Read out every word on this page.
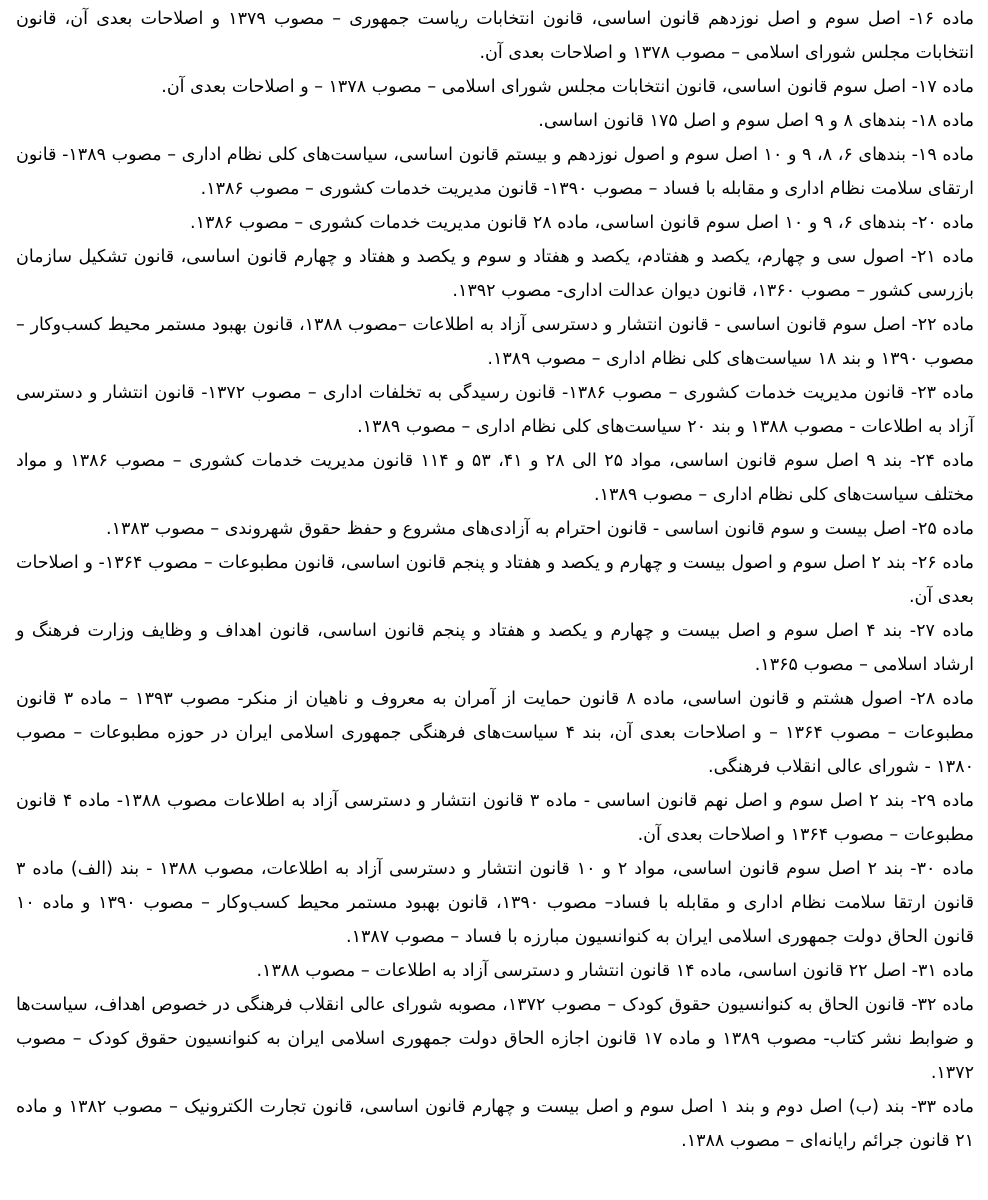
ماده ۱۶- اصل سوم و اصل نوزدهم قانون اساسی، قانون انتخابات ریاست جمهوری – مصوب ۱۳۷۹ و اصلاحات بعدی آن، قانون انتخابات مجلس شورای اسلامی – مصوب ۱۳۷۸ و اصلاحات بعدی آن.

ماده ۱۷- اصل سوم قانون اساسی، قانون انتخابات مجلس شورای اسلامی – مصوب ۱۳۷۸ – و اصلاحات بعدی آن.

ماده ۱۸- بندهای ۸ و ۹ اصل سوم و اصل ۱۷۵ قانون اساسی.

ماده ۱۹- بندهای ۶، ۸، ۹ و ۱۰ اصل سوم و اصول نوزدهم و بیستم قانون اساسی، سیاست‌های کلی نظام اداری – مصوب ۱۳۸۹- قانون ارتقای سلامت نظام اداری و مقابله با فساد – مصوب ۱۳۹۰- قانون مدیریت خدمات کشوری – مصوب ۱۳۸۶.

ماده ۲۰- بندهای ۶، ۹ و ۱۰ اصل سوم قانون اساسی، ماده ۲۸ قانون مدیریت خدمات کشوری – مصوب ۱۳۸۶.

ماده ۲۱- اصول سی و چهارم، یکصد و هفتادم، یکصد و هفتاد و سوم و یکصد و هفتاد و چهارم قانون اساسی، قانون تشکیل سازمان بازرسی کشور – مصوب ۱۳۶۰، قانون دیوان عدالت اداری- مصوب ۱۳۹۲.

ماده ۲۲- اصل سوم قانون اساسی - قانون انتشار و دسترسی آزاد به اطلاعات –مصوب ۱۳۸۸، قانون بهبود مستمر محیط کسب‌وکار – مصوب ۱۳۹۰ و بند ۱۸ سیاست‌های کلی نظام اداری – مصوب ۱۳۸۹.

ماده ۲۳- قانون مدیریت خدمات کشوری – مصوب ۱۳۸۶- قانون رسیدگی به تخلفات اداری – مصوب ۱۳۷۲- قانون انتشار و دسترسی آزاد به اطلاعات - مصوب ۱۳۸۸ و بند ۲۰ سیاست‌های کلی نظام اداری – مصوب ۱۳۸۹.

ماده ۲۴- بند ۹ اصل سوم قانون اساسی، مواد ۲۵ الی ۲۸ و ۴۱، ۵۳ و ۱۱۴ قانون مدیریت خدمات کشوری – مصوب ۱۳۸۶ و مواد مختلف سیاست‌های کلی نظام اداری – مصوب ۱۳۸۹.

ماده ۲۵- اصل بیست و سوم قانون اساسی - قانون احترام به آزادی‌های مشروع و حفظ حقوق شهروندی – مصوب ۱۳۸۳.

ماده ۲۶- بند ۲ اصل سوم و اصول بیست و چهارم و یکصد و هفتاد و پنجم قانون اساسی، قانون مطبوعات – مصوب ۱۳۶۴- و اصلاحات بعدی آن.

ماده ۲۷- بند ۴ اصل سوم و اصل بیست و چهارم و یکصد و هفتاد و پنجم قانون اساسی، قانون اهداف و وظایف وزارت فرهنگ و ارشاد اسلامی – مصوب ۱۳۶۵.

ماده ۲۸- اصول هشتم و قانون اساسی، ماده ۸ قانون حمایت از آمران به معروف و ناهیان از منکر- مصوب ۱۳۹۳ – ماده ۳ قانون مطبوعات – مصوب ۱۳۶۴ – و اصلاحات بعدی آن، بند ۴ سیاست‌های فرهنگی جمهوری اسلامی ایران در حوزه مطبوعات – مصوب ۱۳۸۰ - شورای عالی انقلاب فرهنگی.

ماده ۲۹- بند ۲ اصل سوم و اصل نهم قانون اساسی - ماده ۳ قانون انتشار و دسترسی آزاد به اطلاعات مصوب ۱۳۸۸- ماده ۴ قانون مطبوعات – مصوب ۱۳۶۴ و اصلاحات بعدی آن.

ماده ۳۰- بند ۲ اصل سوم قانون اساسی، مواد ۲ و ۱۰ قانون انتشار و دسترسی آزاد به اطلاعات، مصوب ۱۳۸۸ - بند (الف) ماده ۳ قانون ارتقا سلامت نظام اداری و مقابله با فساد– مصوب ۱۳۹۰، قانون بهبود مستمر محیط کسب‌وکار – مصوب ۱۳۹۰ و ماده ۱۰ قانون الحاق دولت جمهوری اسلامی ایران به کنوانسیون مبارزه با فساد – مصوب ۱۳۸۷.

ماده ۳۱- اصل ۲۲ قانون اساسی، ماده ۱۴ قانون انتشار و دسترسی آزاد به اطلاعات – مصوب ۱۳۸۸.

ماده ۳۲- قانون الحاق به کنوانسیون حقوق کودک – مصوب ۱۳۷۲، مصوبه شورای عالی انقلاب فرهنگی در خصوص اهداف، سیاست‌ها و ضوابط نشر کتاب- مصوب ۱۳۸۹ و ماده ۱۷ قانون اجازه الحاق دولت جمهوری اسلامی ایران به کنوانسیون حقوق کودک – مصوب ۱۳۷۲.

ماده ۳۳- بند (ب) اصل دوم و بند ۱ اصل سوم و اصل بیست و چهارم قانون اساسی، قانون تجارت الکترونیک – مصوب ۱۳۸۲ و ماده ۲۱ قانون جرائم رایانه‌ای – مصوب ۱۳۸۸.
